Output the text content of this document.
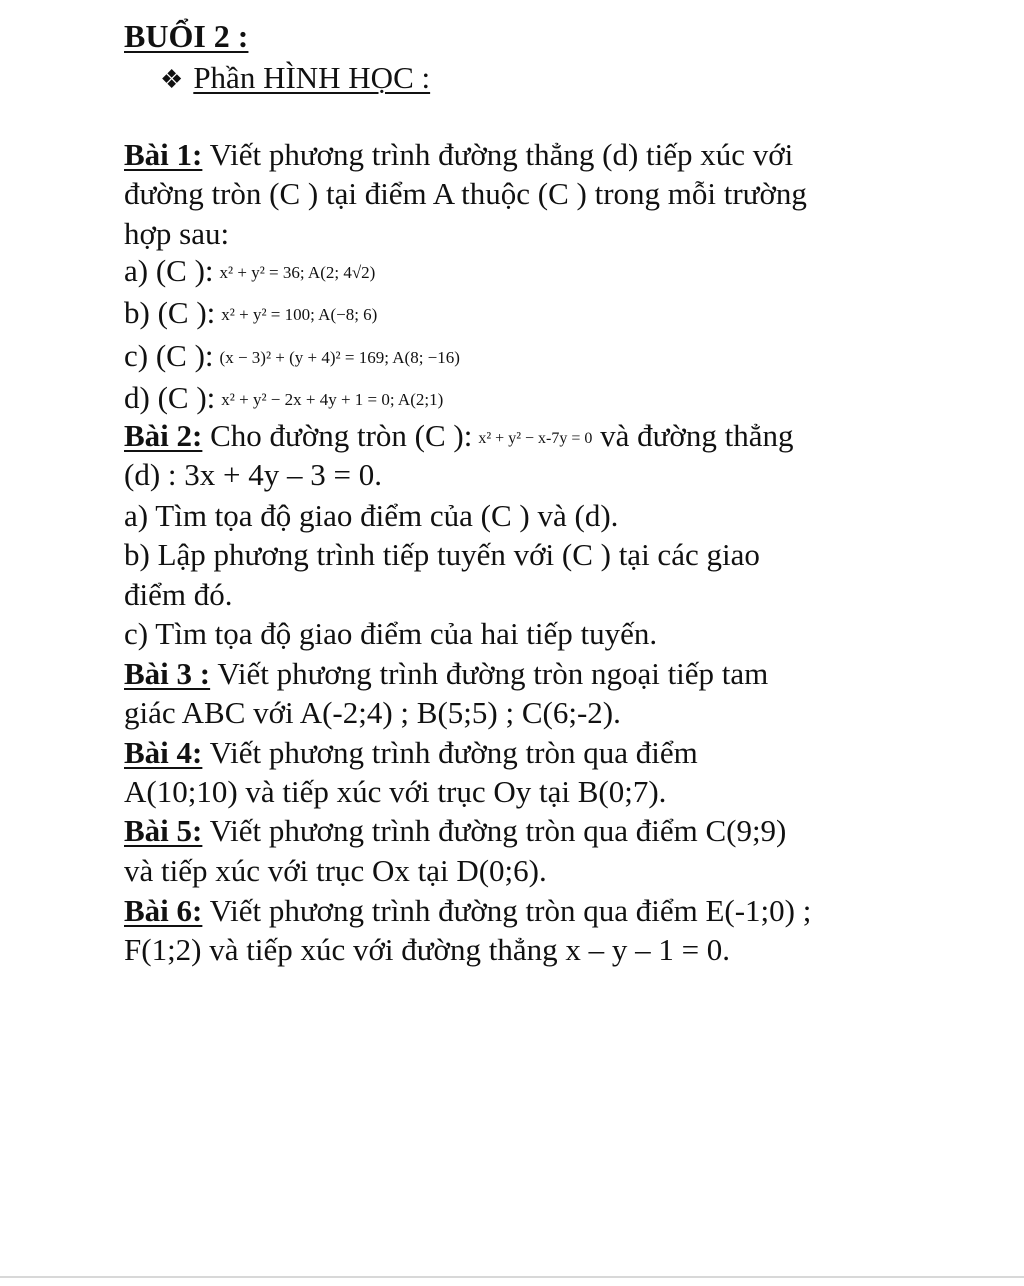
BUỔI 2 :
❖ Phần HÌNH HỌC :
Bài 1: Viết phương trình đường thẳng (d) tiếp xúc với
đường tròn (C ) tại điểm A thuộc (C ) trong mỗi trường
hợp sau:
a) (C ): x² + y² = 36; A(2; 4√2)
b) (C ): x² + y² = 100; A(−8; 6)
c) (C ): (x − 3)² + (y + 4)² = 169; A(8; −16)
d) (C ): x² + y² − 2x + 4y + 1 = 0; A(2;1)
Bài 2: Cho đường tròn (C ): x² + y² − x-7y = 0 và đường thẳng
(d) : 3x + 4y – 3 = 0.
a) Tìm tọa độ giao điểm của (C ) và (d).
b) Lập phương trình tiếp tuyến với (C ) tại các giao
điểm đó.
c) Tìm tọa độ giao điểm của hai tiếp tuyến.
Bài 3 : Viết phương trình đường tròn ngoại tiếp tam
giác ABC với A(-2;4) ; B(5;5) ; C(6;-2).
Bài 4: Viết phương trình đường tròn qua điểm
A(10;10) và tiếp xúc với trục Oy tại B(0;7).
Bài 5: Viết phương trình đường tròn qua điểm C(9;9)
và tiếp xúc với trục Ox tại D(0;6).
Bài 6: Viết phương trình đường tròn qua điểm E(-1;0) ;
F(1;2) và tiếp xúc với đường thẳng x – y – 1 = 0.
